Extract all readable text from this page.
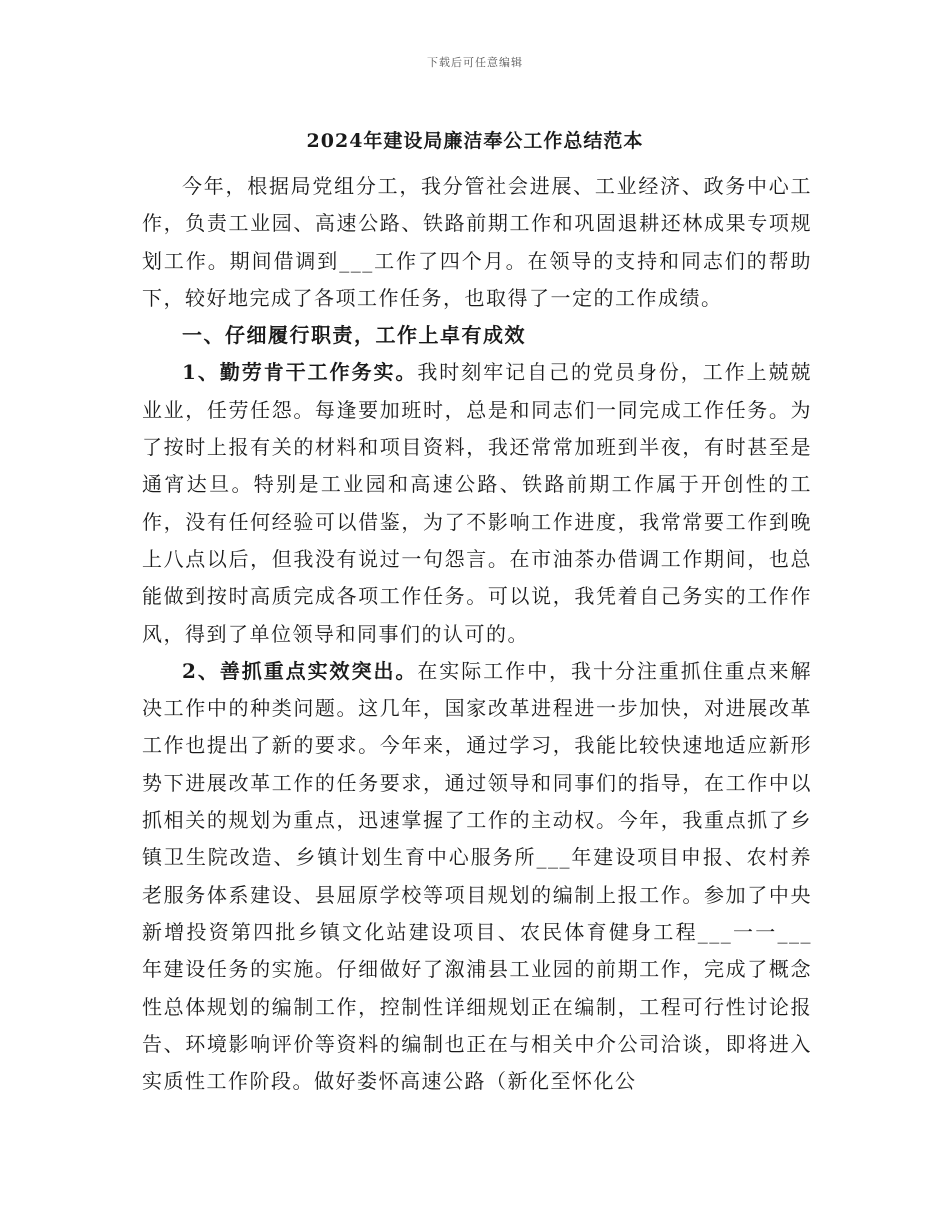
下载后可任意编辑
2024年建设局廉洁奉公工作总结范本

今年，根据局党组分工，我分管社会进展、工业经济、政务中心工作，负责工业园、高速公路、铁路前期工作和巩固退耕还林成果专项规划工作。期间借调到___工作了四个月。在领导的支持和同志们的帮助下，较好地完成了各项工作任务，也取得了一定的工作成绩。

一、仔细履行职责，工作上卓有成效

1、勤劳肯干工作务实。我时刻牢记自己的党员身份，工作上兢兢业业，任劳任怨。每逢要加班时，总是和同志们一同完成工作任务。为了按时上报有关的材料和项目资料，我还常常加班到半夜，有时甚至是通宵达旦。特别是工业园和高速公路、铁路前期工作属于开创性的工作，没有任何经验可以借鉴，为了不影响工作进度，我常常要工作到晚上八点以后，但我没有说过一句怨言。在市油茶办借调工作期间，也总能做到按时高质完成各项工作任务。可以说，我凭着自己务实的工作作风，得到了单位领导和同事们的认可的。

2、善抓重点实效突出。在实际工作中，我十分注重抓住重点来解决工作中的种类问题。这几年，国家改革进程进一步加快，对进展改革工作也提出了新的要求。今年来，通过学习，我能比较快速地适应新形势下进展改革工作的任务要求，通过领导和同事们的指导，在工作中以抓相关的规划为重点，迅速掌握了工作的主动权。今年，我重点抓了乡镇卫生院改造、乡镇计划生育中心服务所___年建设项目申报、农村养老服务体系建设、县屈原学校等项目规划的编制上报工作。参加了中央新增投资第四批乡镇文化站建设项目、农民体育健身工程___一一___年建设任务的实施。仔细做好了溆浦县工业园的前期工作，完成了概念性总体规划的编制工作，控制性详细规划正在编制，工程可行性讨论报告、环境影响评价等资料的编制也正在与相关中介公司洽谈，即将进入实质性工作阶段。做好娄怀高速公路（新化至怀化公
